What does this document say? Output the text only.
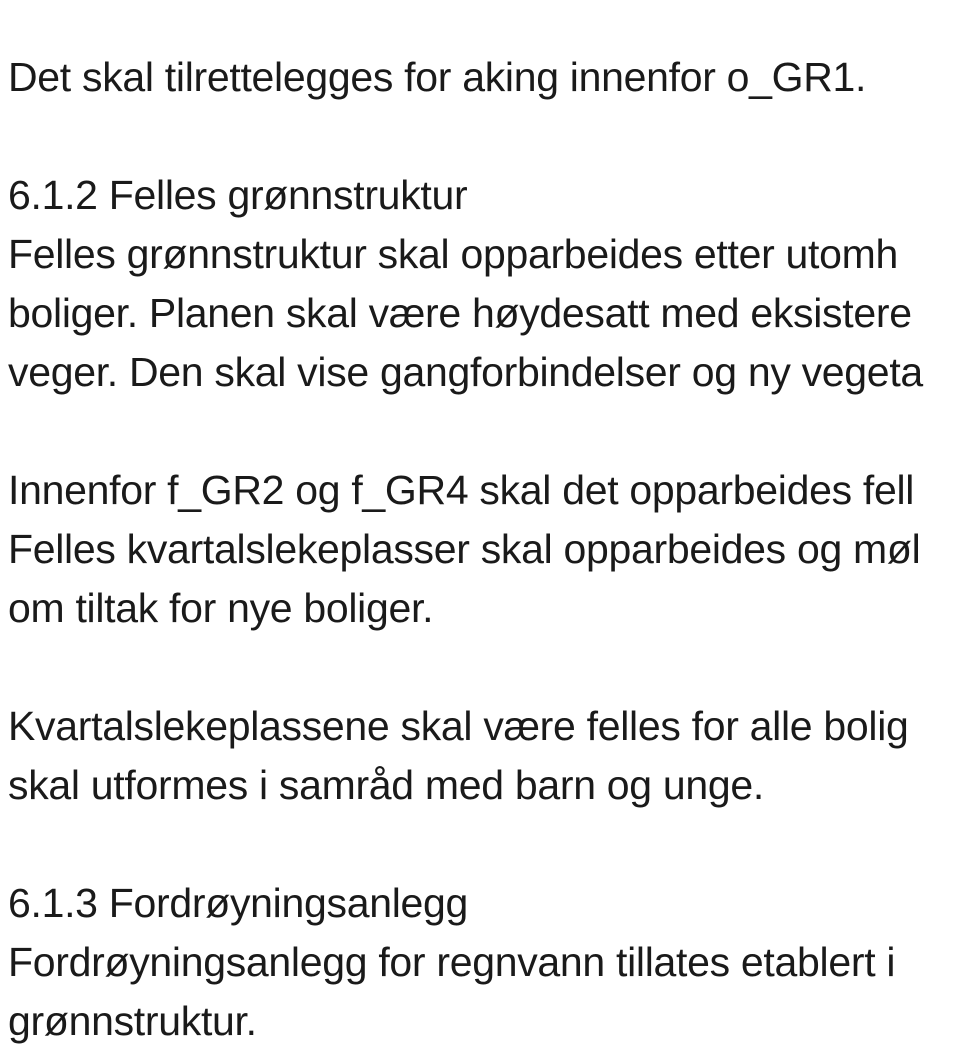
Det skal tilrettelegges for aking innenfor o_GR1.
6.1.2 Felles grønnstruktur
Felles grønnstruktur skal opparbeides etter utomh
boliger. Planen skal være høydesatt med eksistere
veger. Den skal vise gangforbindelser og ny vegeta
Innenfor f_GR2 og f_GR4 skal det opparbeides fell
Felles kvartalslekeplasser skal opparbeides og møl
om tiltak for nye boliger.
Kvartalslekeplassene skal være felles for alle bolig
skal utformes i samråd med barn og unge.
6.1.3 Fordrøyningsanlegg
Fordrøyningsanlegg for regnvann tillates etablert i
grønnstruktur.
